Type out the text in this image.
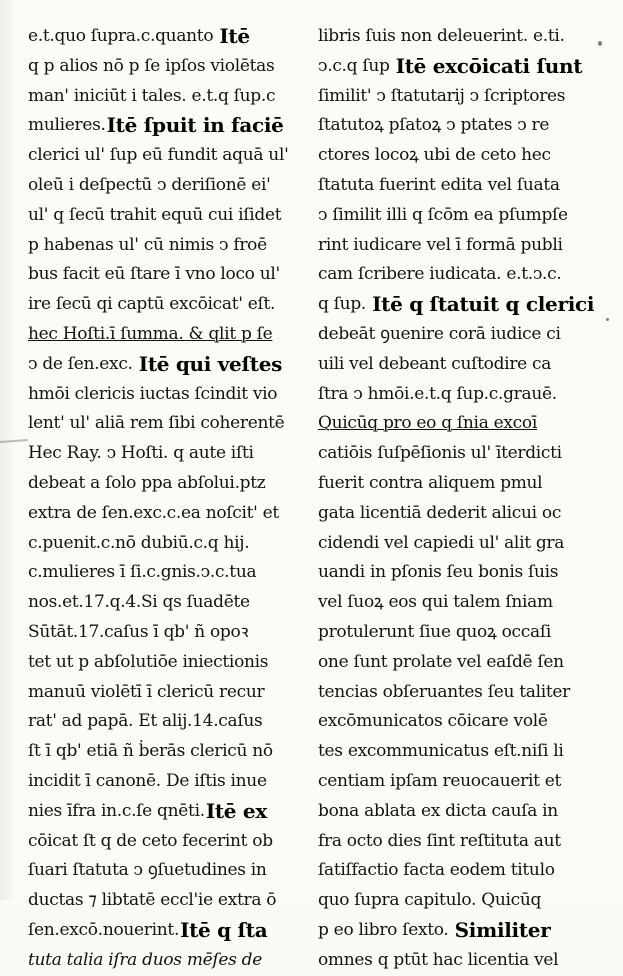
e.t.quo ſupra.c.quanto Itē
q p alios nō p ſe ipſos violētas
man' iniciūt i tales. e.t.q ſup.c
mulieres.Itē ſpuit in faciē
clerici ul' ſup eū fundit aquā ul'
oleū i deſpectū ↄ deriſionē ei'
ul' q ſecū trahit equū cui iſidet
p habenas ul' cū nimis ↄ froē
bus facit eū ſtare ī vno loco ul'
ire ſecū qi captū excōicat' eſt.
hec Hoſti.ī ſumma. & qlit p ſe
ↄ de ſen.exc. Itē qui veſtes
hmōi clericis iuctas ſcindit vio
lent' ul' aliā rem ſibi coherentē
Hec Ray. ↄ Hoſti. q aute iſti
debeat a ſolo ppa abſolui.ptz
extra de ſen.exc.c.ea noſcit' et
c.puenit.c.nō dubiū.c.q hij.
c.mulieres ī ſi.c.gnis.ↄ.c.tua
nos.et.17.q.4.Si qs ſuadēte
Sūtāt.17.caſus ī qb' ñ opoꝛ
tet ut p abſolutiōe iniectionis
manuū violētī ī clericū recur
rat' ad papā. Et alij.14.caſus
ſt ī qb' etiā ñ ḃerās clericū nō
incidit ī canonē. De iſtis inue
nies īfra in.c.ſe qnēti.Itē ex
cōicat ſt q de ceto fecerint ob
ſuari ſtatuta ↄ ꝯſuetudines in
ductas ⁊ libtatē eccl'ie extra ō
ſen.excō.nouerint.Itē q ſta
tuta talia iſra duos mēſes de
libris ſuis non deleuerint. e.ti.
ↄ.c.q ſup Itē excōicati ſunt
ſimilit' ↄ ſtatutarij ↄ ſcriptores
ſtatutoꝝ pſatoꝝ ↄ ptates ↄ re
ctores locoꝝ ubi de ceto hec
ſtatuta fuerint edita vel ſuata
ↄ ſimilit illi q ſcōm ea pſumpſe
rint iudicare vel ī formā publi
cam ſcribere iudicata. e.t.ↄ.c.
q ſup. Itē q ſtatuit q clerici
debeāt ꝯuenire corā iudice ci
uili vel debeant cuſtodire ca
ſtra ↄ hmōi.e.t.q ſup.c.grauē.
Quicūq pro eo q ſnia excoī
catiōis ſuſpēſionis ul' īterdicti
fuerit contra aliquem pmul
gata licentiā dederit alicui oc
cidendi vel capiedi ul' alit gra
uandi in pſonis ſeu bonis ſuis
vel ſuoꝝ eos qui talem ſniam
protulerunt ſiue quoꝝ occaſi
one ſunt prolate vel eaſdē ſen
tencias obſeruantes ſeu taliter
excōmunicatos cōicare volē
tes excommunicatus eſt.niſi li
centiam ipſam reuocauerit et
bona ablata ex dicta cauſa in
fra octo dies ſint reſtituta aut
ſatiſfactio facta eodem titulo
quo ſupra capitulo. Quicūq
p eo libro ſexto. Similiter
omnes q ptūt hac licentia vel
